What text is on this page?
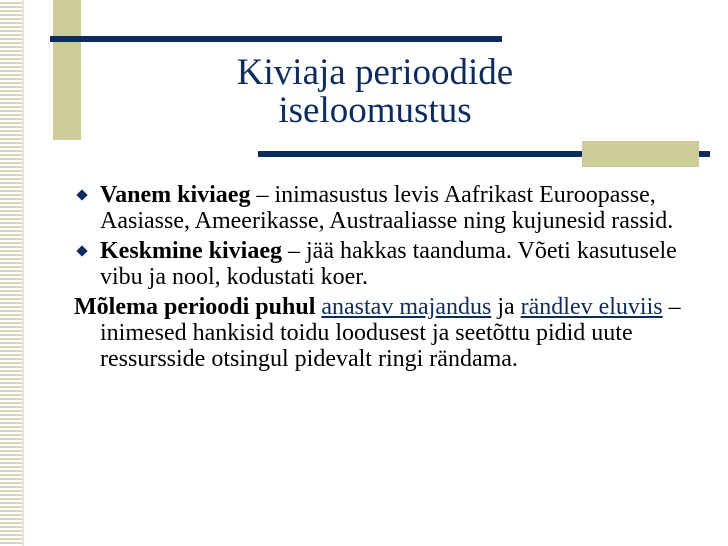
Kiviaja perioodide
iseloomustus
Vanem kiviaeg – inimasustus levis Aafrikast Euroopasse, Aasiasse, Ameerikasse, Austraaliasse ning kujunesid rassid.
Keskmine kiviaeg – jää hakkas taanduma. Võeti kasutusele vibu ja nool, kodustati koer.
Mõlema perioodi puhul anastav majandus ja rändlev eluviis – inimesed hankisid toidu loodusest ja seetõttu pidid uute ressursside otsingul pidevalt ringi rändama.
